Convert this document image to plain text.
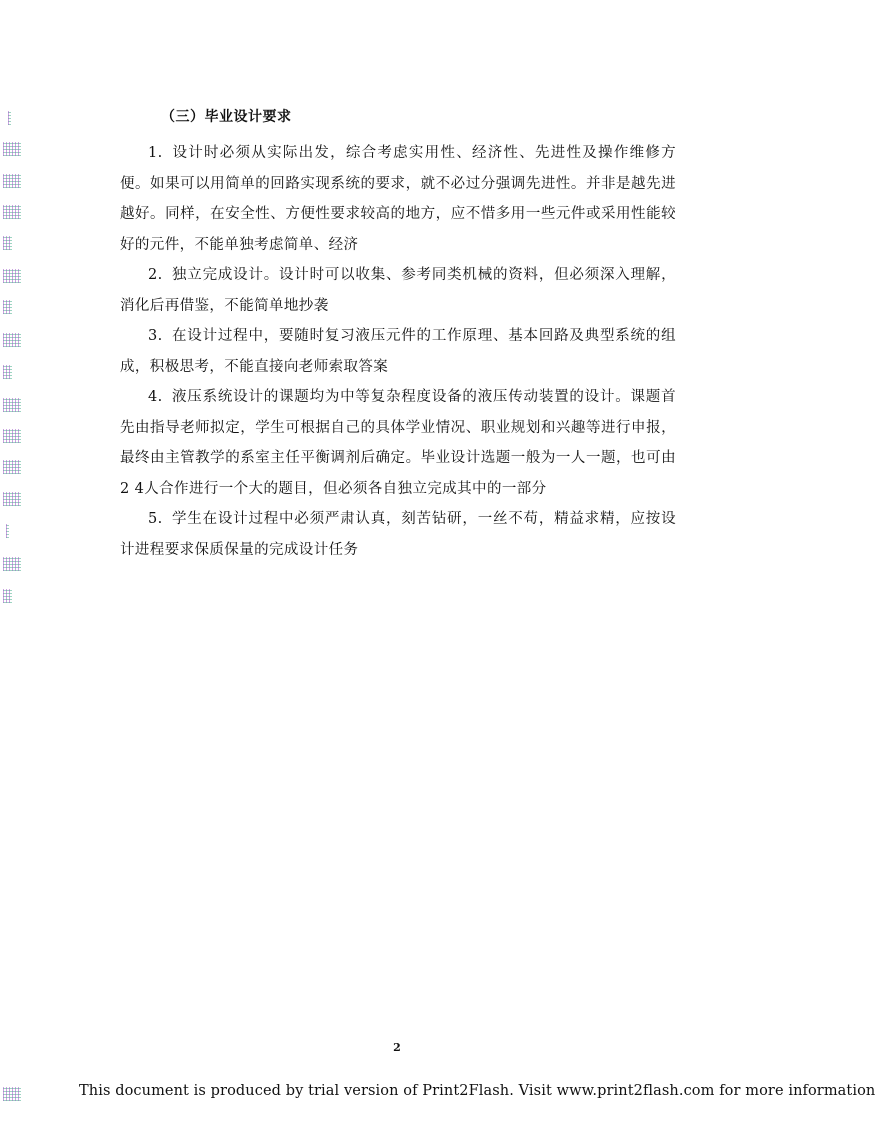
（三）毕业设计要求

1. 设计时必须从实际出发，综合考虑实用性、经济性、先进性及操作维修方便。如果可以用简单的回路实现系统的要求，就不必过分强调先进性。并非是越先进越好。同样，在安全性、方便性要求较高的地方，应不惜多用一些元件或采用性能较好的元件，不能单独考虑简单、经济

2. 独立完成设计。设计时可以收集、参考同类机械的资料，但必须深入理解，消化后再借鉴，不能简单地抄袭

3. 在设计过程中，要随时复习液压元件的工作原理、基本回路及典型系统的组成，积极思考，不能直接向老师索取答案

4. 液压系统设计的课题均为中等复杂程度设备的液压传动装置的设计。课题首先由指导老师拟定，学生可根据自己的具体学业情况、职业规划和兴趣等进行申报，最终由主管教学的系室主任平衡调剂后确定。毕业设计选题一般为一人一题，也可由2 4人合作进行一个大的题目，但必须各自独立完成其中的一部分

5. 学生在设计过程中必须严肃认真，刻苦钻研，一丝不苟，精益求精，应按设计进程要求保质保量的完成设计任务

2
This document is produced by trial version of Print2Flash. Visit www.print2flash.com for more information
